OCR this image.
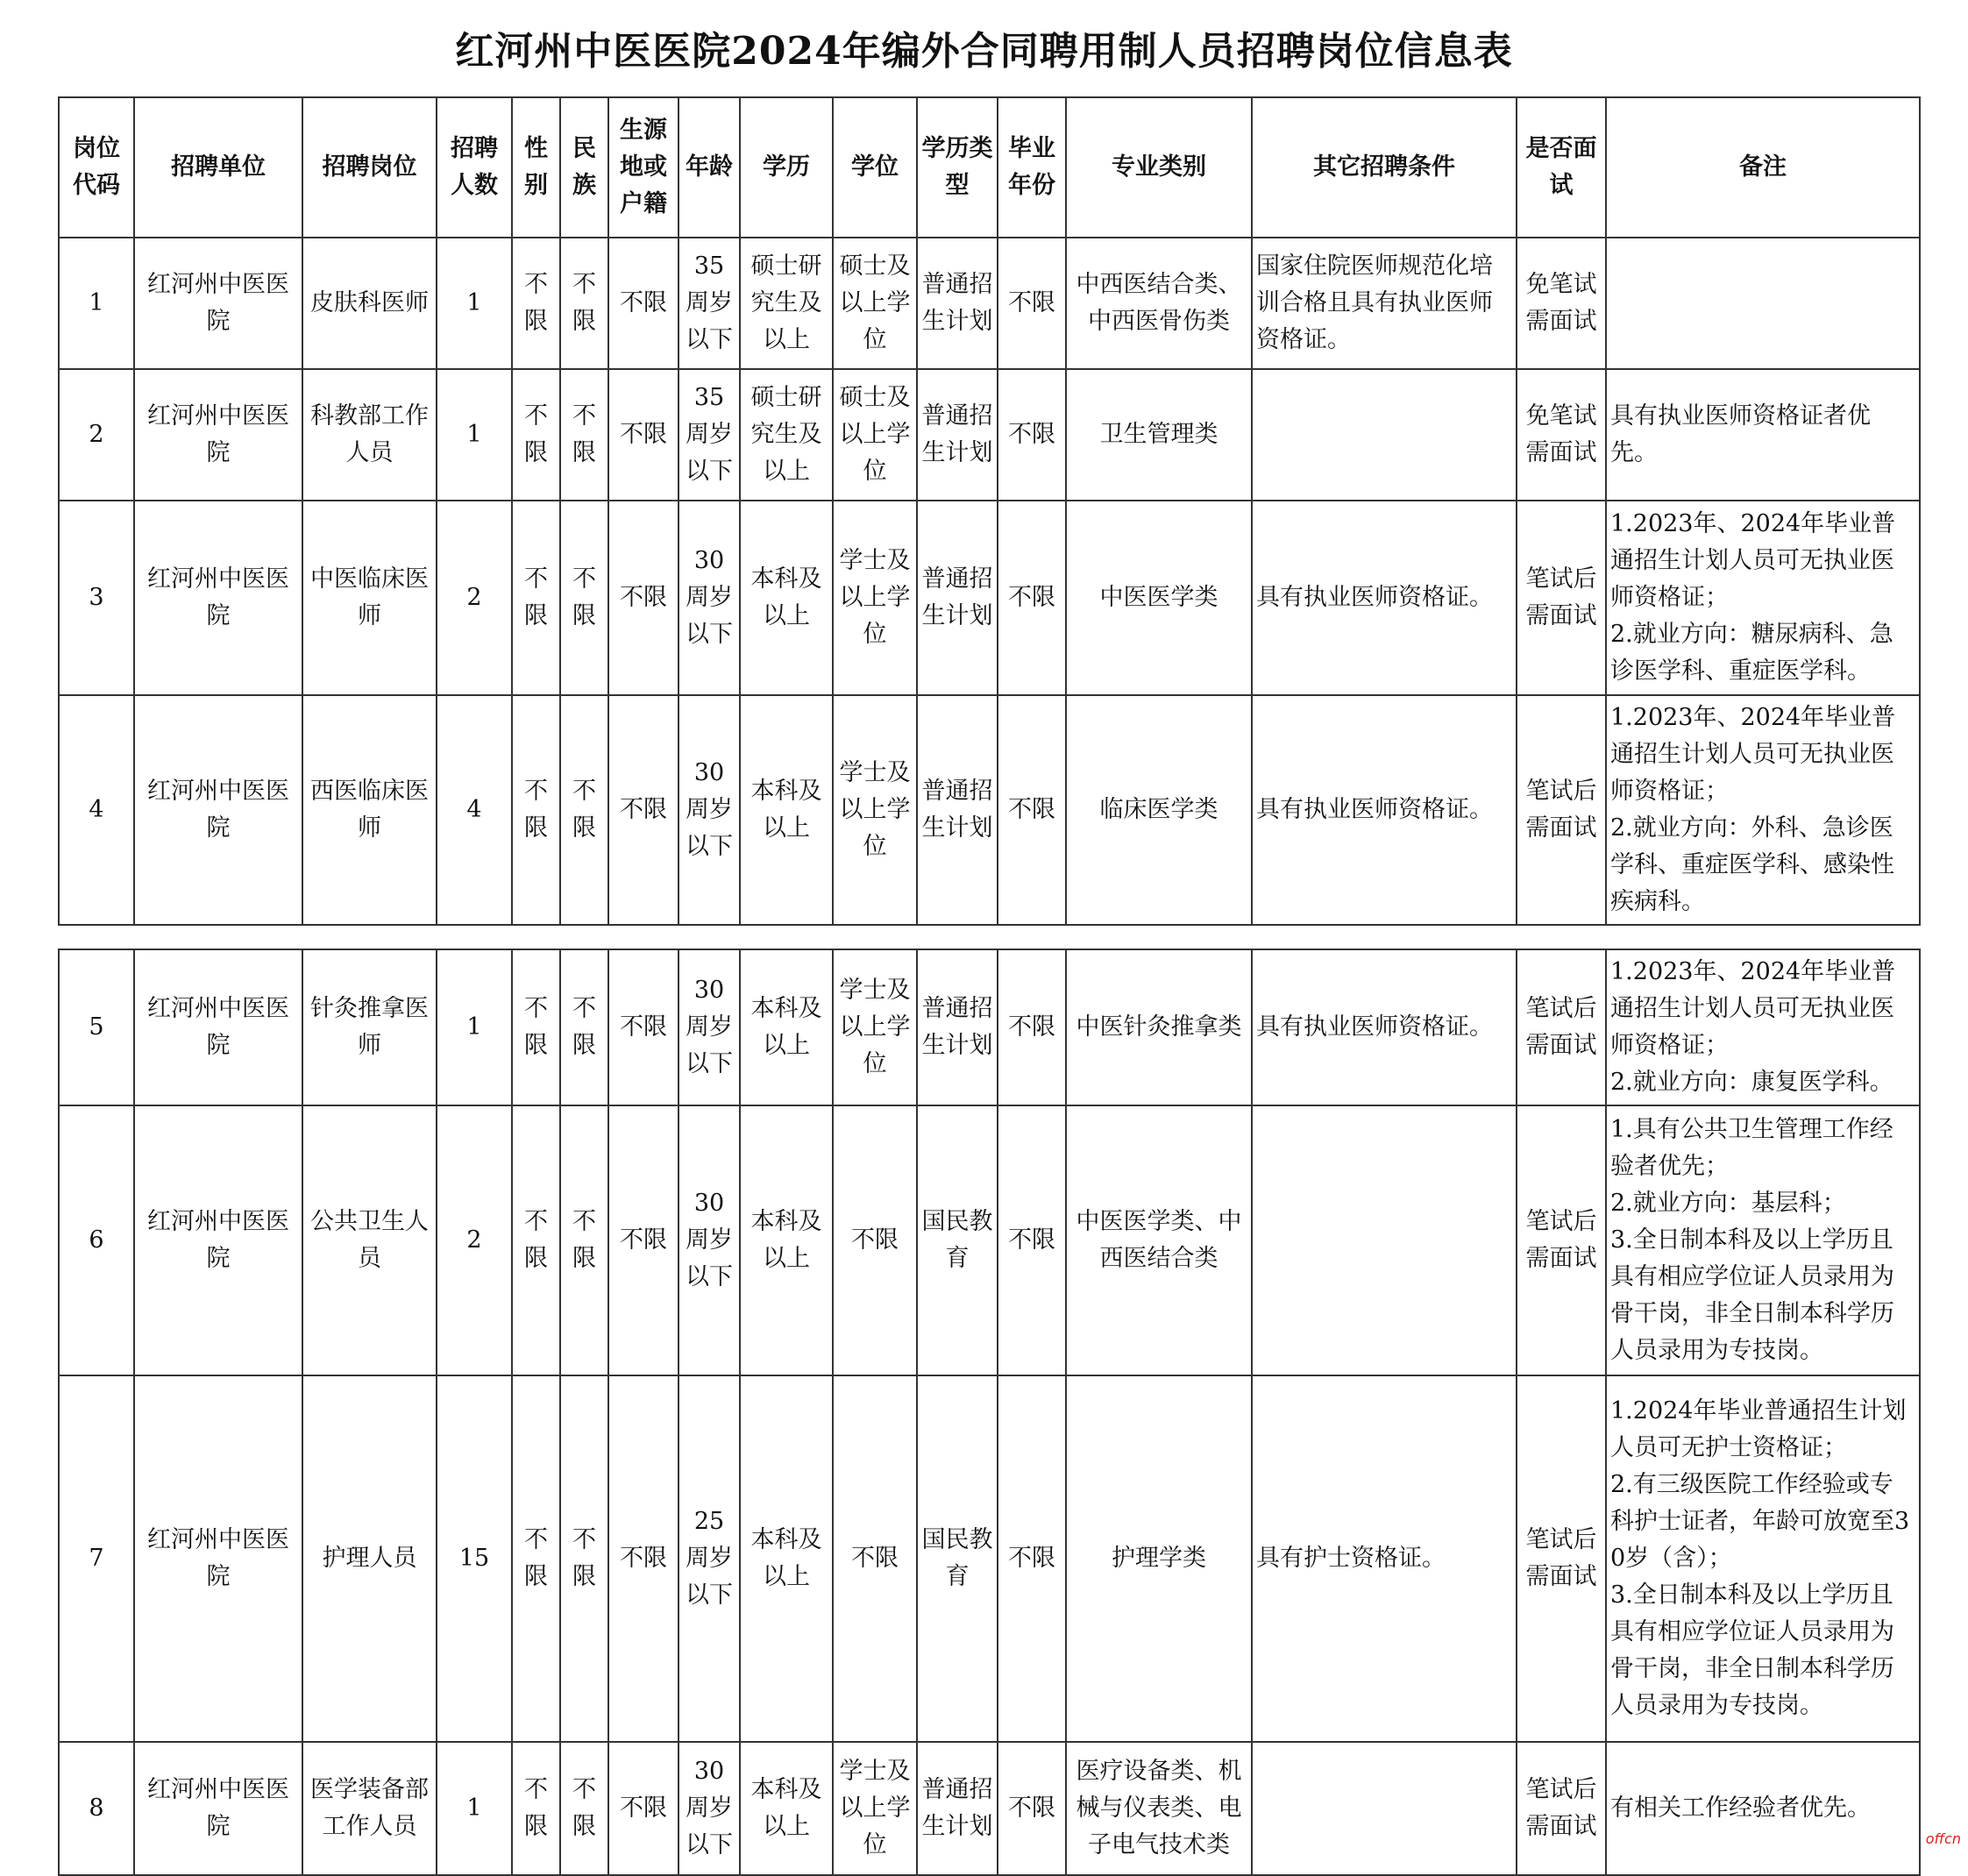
红河州中医医院2024年编外合同聘用制人员招聘岗位信息表
岗位代码	招聘单位	招聘岗位	招聘人数	性别	民族	生源地或户籍	年龄	学历	学位	学历类型	毕业年份	专业类别	其它招聘条件	是否面试	备注
1	红河州中医医院	皮肤科医师	1	不限	不限	不限	35周岁以下	硕士研究生及以上	硕士及以上学位	普通招生计划	不限	中西医结合类、中西医骨伤类	国家住院医师规范化培训合格且具有执业医师资格证。	免笔试需面试	
2	红河州中医医院	科教部工作人员	1	不限	不限	不限	35周岁以下	硕士研究生及以上	硕士及以上学位	普通招生计划	不限	卫生管理类		免笔试需面试	具有执业医师资格证者优先。

3	红河州中医医院	中医临床医师	2	不限	不限	不限	30周岁以下	本科及以上	学士及以上学位	普通招生计划	不限	中医医学类	具有执业医师资格证。	笔试后需面试	1.2023年、2024年毕业普通招生计划人员可无执业医师资格证；
2.就业方向：糖尿病科、急诊医学科、重症医学科。

4	红河州中医医院	西医临床医师	4	不限	不限	不限	30周岁以下	本科及以上	学士及以上学位	普通招生计划	不限	临床医学类	具有执业医师资格证。	笔试后需面试	1.2023年、2024年毕业普通招生计划人员可无执业医师资格证；
2.就业方向：外科、急诊医学科、重症医学科、感染性疾病科。
5	红河州中医医院	针灸推拿医师	1	不限	不限	不限	30周岁以下	本科及以上	学士及以上学位	普通招生计划	不限	中医针灸推拿类	具有执业医师资格证。	笔试后需面试	1.2023年、2024年毕业普通招生计划人员可无执业医师资格证；
2.就业方向：康复医学科。

6	红河州中医医院	公共卫生人员	2	不限	不限	不限	30周岁以下	本科及以上	不限	国民教育	不限	中医医学类、中西医结合类		笔试后需面试	1.具有公共卫生管理工作经验者优先；
2.就业方向：基层科；
3.全日制本科及以上学历且具有相应学位证人员录用为骨干岗，非全日制本科学历人员录用为专技岗。

7	红河州中医医院	护理人员	15	不限	不限	不限	25周岁以下	本科及以上	不限	国民教育	不限	护理学类	具有护士资格证。	笔试后需面试	1.2024年毕业普通招生计划人员可无护士资格证；
2.有三级医院工作经验或专科护士证者，年龄可放宽至30岁（含）；
3.全日制本科及以上学历且具有相应学位证人员录用为骨干岗，非全日制本科学历人员录用为专技岗。

8	红河州中医医院	医学装备部工作人员	1	不限	不限	不限	30周岁以下	本科及以上	学士及以上学位	普通招生计划	不限	医疗设备类、机械与仪表类、电子电气技术类		笔试后需面试	有相关工作经验者优先。
offcn
